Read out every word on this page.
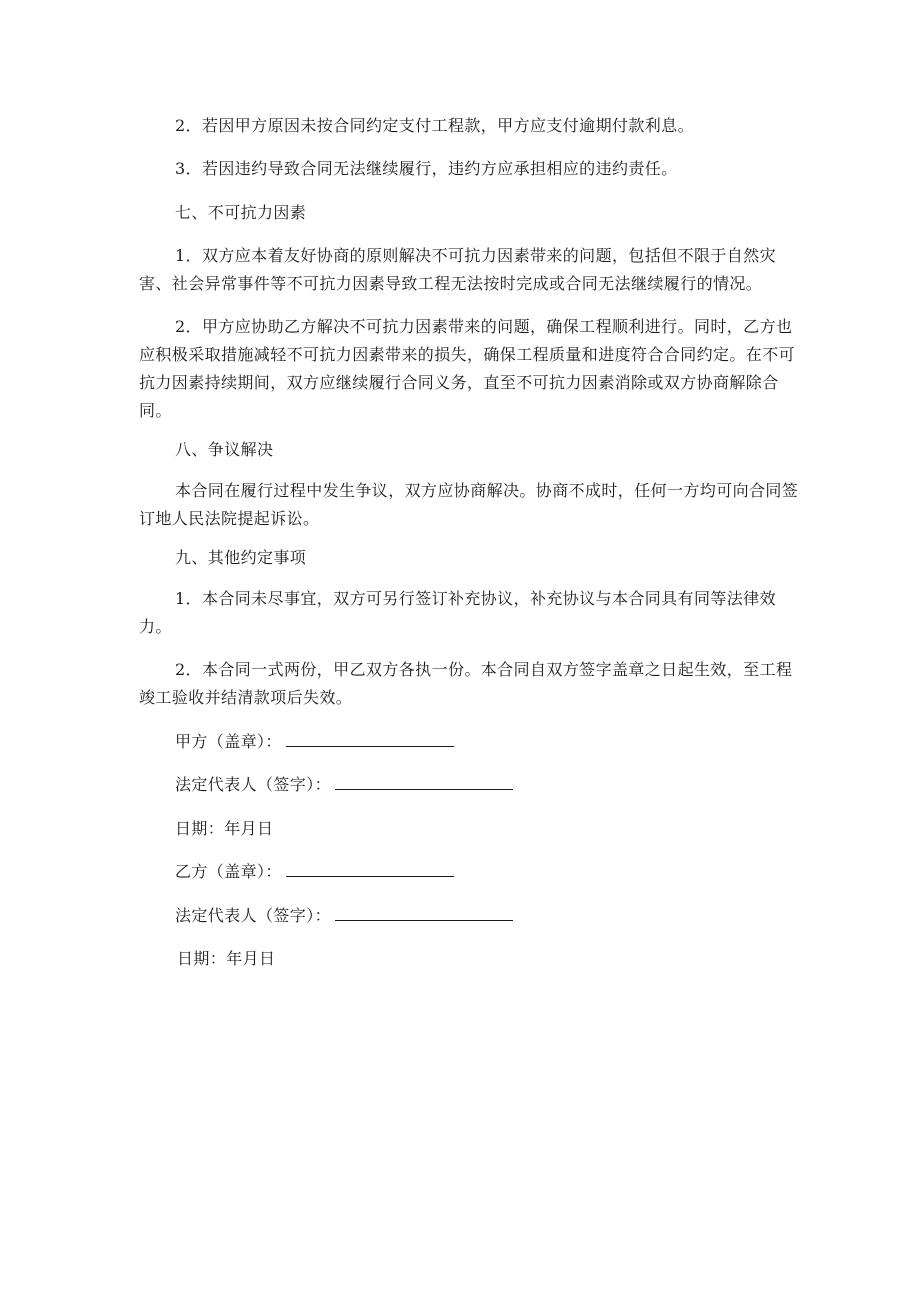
2．若因甲方原因未按合同约定支付工程款，甲方应支付逾期付款利息。

3．若因违约导致合同无法继续履行，违约方应承担相应的违约责任。

七、不可抗力因素

1．双方应本着友好协商的原则解决不可抗力因素带来的问题，包括但不限于自然灾害、社会异常事件等不可抗力因素导致工程无法按时完成或合同无法继续履行的情况。

2．甲方应协助乙方解决不可抗力因素带来的问题，确保工程顺利进行。同时，乙方也应积极采取措施减轻不可抗力因素带来的损失，确保工程质量和进度符合合同约定。在不可抗力因素持续期间，双方应继续履行合同义务，直至不可抗力因素消除或双方协商解除合同。

八、争议解决

本合同在履行过程中发生争议，双方应协商解决。协商不成时，任何一方均可向合同签订地人民法院提起诉讼。

九、其他约定事项

1．本合同未尽事宜，双方可另行签订补充协议，补充协议与本合同具有同等法律效力。

2．本合同一式两份，甲乙双方各执一份。本合同自双方签字盖章之日起生效，至工程竣工验收并结清款项后失效。

甲方（盖章）：

法定代表人（签字）：

日期：年月日

乙方（盖章）：

法定代表人（签字）：

日期：年月日
